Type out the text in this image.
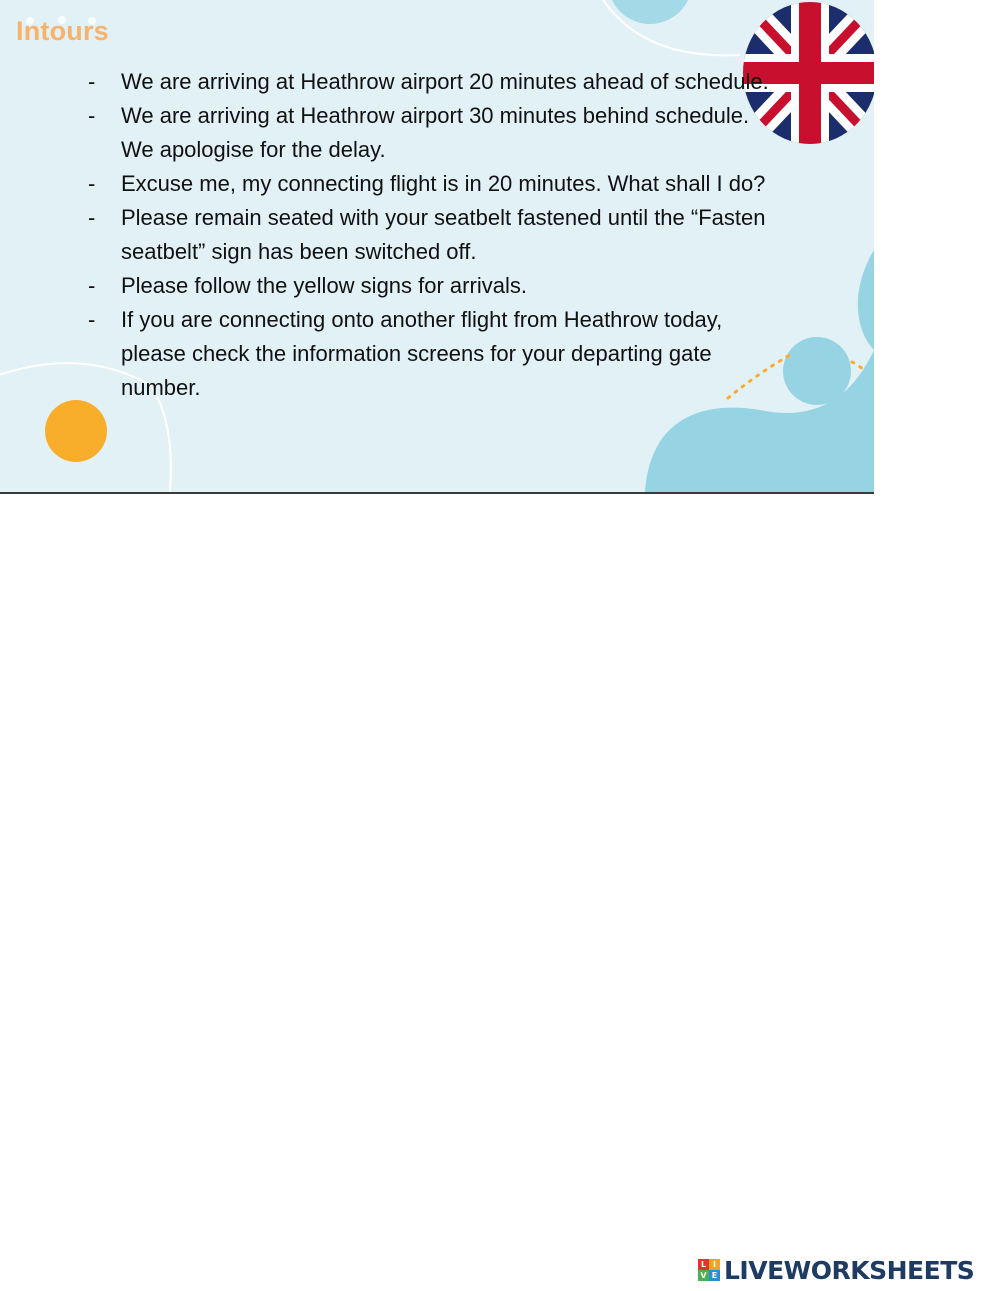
Intours
-	We are arriving at Heathrow airport 20 minutes ahead of schedule.
-	We are arriving at Heathrow airport 30 minutes behind schedule. We apologise for the delay.
-	Excuse me, my connecting flight is in 20 minutes. What shall I do?
-	Please remain seated with your seatbelt fastened until the “Fasten seatbelt” sign has been switched off.
-	Please follow the yellow signs for arrivals.
-	If you are connecting onto another flight from Heathrow today, please check the information screens for your departing gate number.
L I
V E LIVEWORKSHEETS
